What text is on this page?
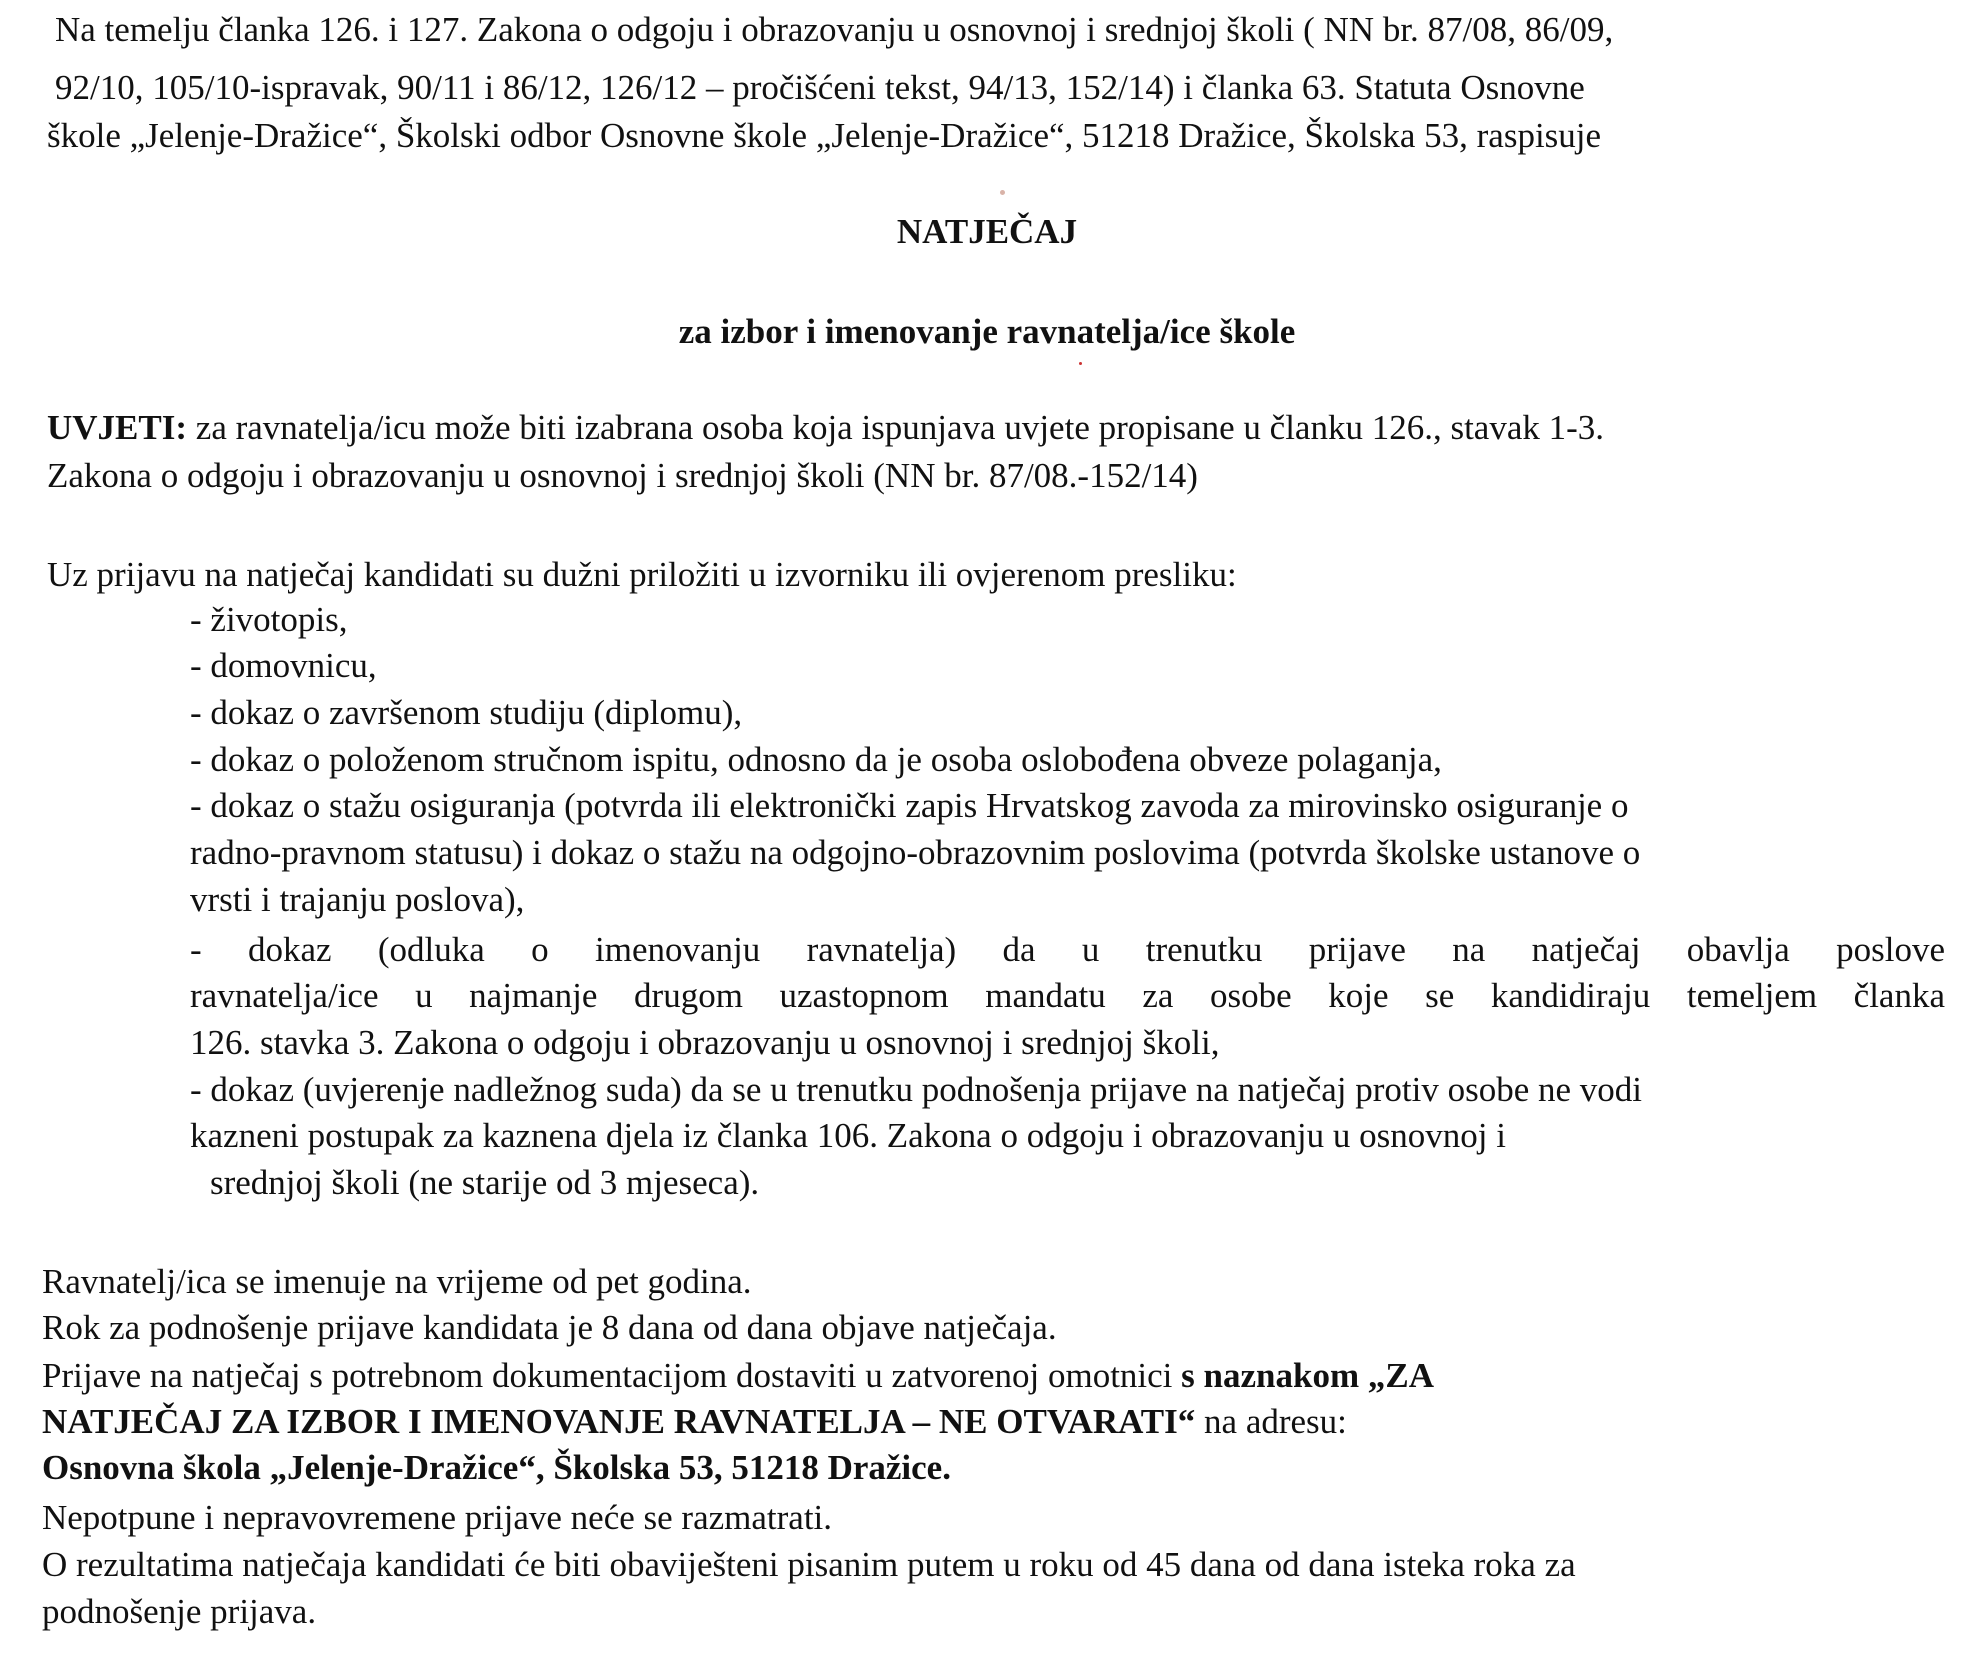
Na temelju članka 126. i 127. Zakona o odgoju i obrazovanju u osnovnoj i srednjoj školi ( NN br. 87/08, 86/09,
92/10, 105/10-ispravak, 90/11 i 86/12, 126/12 – pročišćeni tekst, 94/13, 152/14) i članka 63. Statuta Osnovne
škole „Jelenje-Dražice“, Školski odbor Osnovne škole „Jelenje-Dražice“, 51218 Dražice, Školska 53, raspisuje
NATJEČAJ
za izbor i imenovanje ravnatelja/ice škole
UVJETI: za ravnatelja/icu može biti izabrana osoba koja ispunjava uvjete propisane u članku 126., stavak 1-3.
Zakona o odgoju i obrazovanju u osnovnoj i srednjoj školi (NN br. 87/08.-152/14)
Uz prijavu na natječaj kandidati su dužni priložiti u izvorniku ili ovjerenom presliku:
- životopis,
- domovnicu,
- dokaz o završenom studiju (diplomu),
- dokaz o položenom stručnom ispitu, odnosno da je osoba oslobođena obveze polaganja,
- dokaz o stažu osiguranja (potvrda ili elektronički zapis Hrvatskog zavoda za mirovinsko osiguranje o
radno-pravnom statusu) i dokaz o stažu na odgojno-obrazovnim poslovima (potvrda školske ustanove o
vrsti i trajanju poslova),
- dokaz (odluka o imenovanju ravnatelja) da u trenutku prijave na natječaj obavlja poslove
ravnatelja/ice u najmanje drugom uzastopnom mandatu za osobe koje se kandidiraju temeljem članka
126. stavka 3. Zakona o odgoju i obrazovanju u osnovnoj i srednjoj školi,
- dokaz (uvjerenje nadležnog suda) da se u trenutku podnošenja prijave na natječaj protiv osobe ne vodi
kazneni postupak za kaznena djela iz članka 106. Zakona o odgoju i obrazovanju u osnovnoj i
srednjoj školi (ne starije od 3 mjeseca).
Ravnatelj/ica se imenuje na vrijeme od pet godina.
Rok za podnošenje prijave kandidata je 8 dana od dana objave natječaja.
Prijave na natječaj s potrebnom dokumentacijom dostaviti u zatvorenoj omotnici s naznakom „ZA
NATJEČAJ ZA IZBOR I IMENOVANJE RAVNATELJA – NE OTVARATI“ na adresu:
Osnovna škola „Jelenje-Dražice“, Školska 53, 51218 Dražice.
Nepotpune i nepravovremene prijave neće se razmatrati.
O rezultatima natječaja kandidati će biti obaviješteni pisanim putem u roku od 45 dana od dana isteka roka za
podnošenje prijava.
